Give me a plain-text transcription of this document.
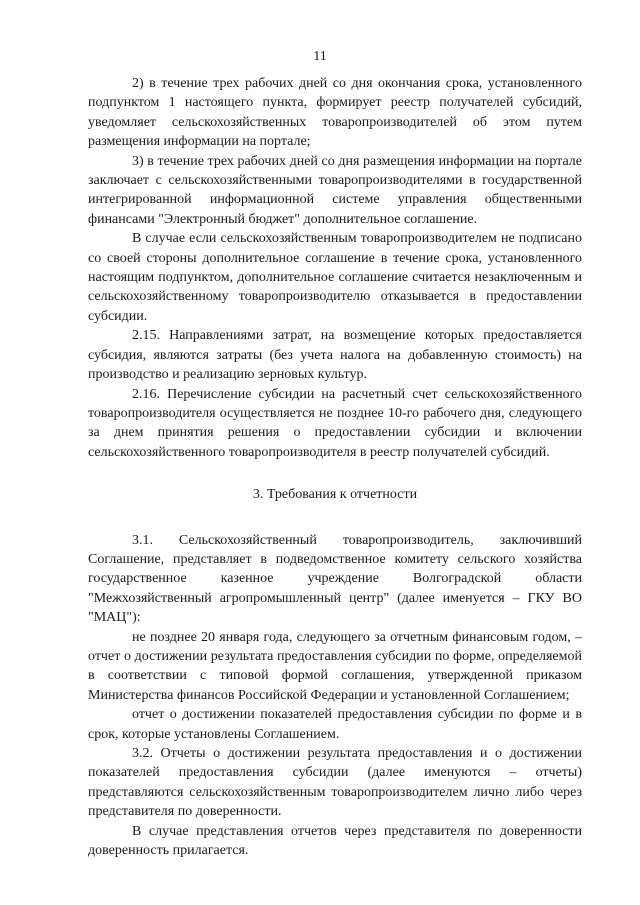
11

2) в течение трех рабочих дней со дня окончания срока, установленного подпунктом 1 настоящего пункта, формирует реестр получателей субсидий, уведомляет сельскохозяйственных товаропроизводителей об этом путем размещения информации на портале;

3) в течение трех рабочих дней со дня размещения информации на портале заключает с сельскохозяйственными товаропроизводителями в государственной интегрированной информационной системе управления общественными финансами "Электронный бюджет" дополнительное соглашение.

В случае если сельскохозяйственным товаропроизводителем не подписано со своей стороны дополнительное соглашение в течение срока, установленного настоящим подпунктом, дополнительное соглашение считается незаключенным и сельскохозяйственному товаропроизводителю отказывается в предоставлении субсидии.

2.15. Направлениями затрат, на возмещение которых предоставляется субсидия, являются затраты (без учета налога на добавленную стоимость) на производство и реализацию зерновых культур.

2.16. Перечисление субсидии на расчетный счет сельскохозяйственного товаропроизводителя осуществляется не позднее 10-го рабочего дня, следующего за днем принятия решения о предоставлении субсидии и включении сельскохозяйственного товаропроизводителя в реестр получателей субсидий.

3. Требования к отчетности

3.1. Сельскохозяйственный товаропроизводитель, заключивший Соглашение, представляет в подведомственное комитету сельского хозяйства государственное казенное учреждение Волгоградской области "Межхозяйственный агропромышленный центр" (далее именуется – ГКУ ВО "МАЦ"):

не позднее 20 января года, следующего за отчетным финансовым годом, – отчет о достижении результата предоставления субсидии по форме, определяемой в соответствии с типовой формой соглашения, утвержденной приказом Министерства финансов Российской Федерации и установленной Соглашением;

отчет о достижении показателей предоставления субсидии по форме и в срок, которые установлены Соглашением.

3.2. Отчеты о достижении результата предоставления и о достижении показателей предоставления субсидии (далее именуются – отчеты) представляются сельскохозяйственным товаропроизводителем лично либо через представителя по доверенности.

В случае представления отчетов через представителя по доверенности доверенность прилагается.
